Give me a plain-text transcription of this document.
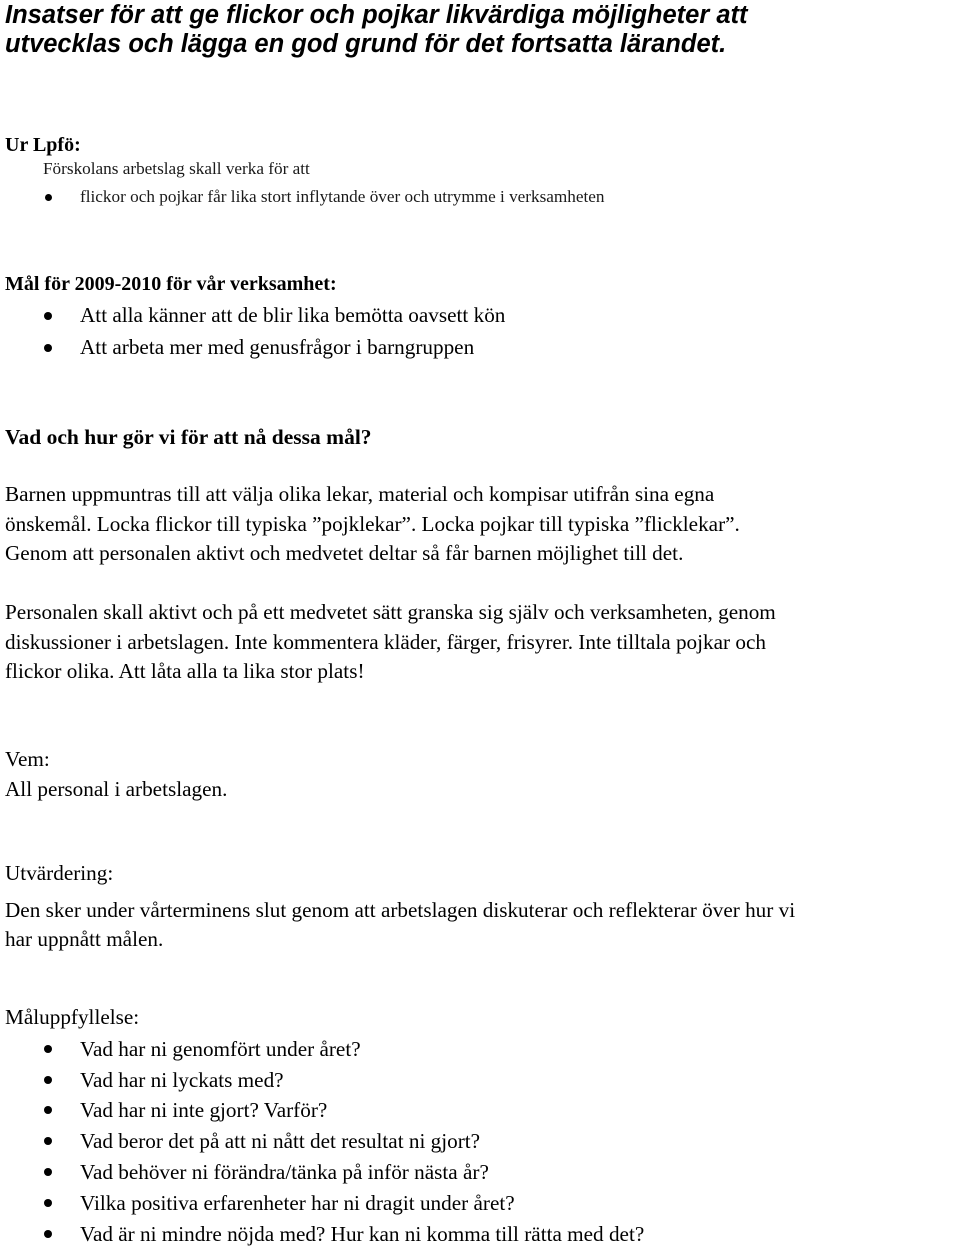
Insatser för att ge flickor och pojkar likvärdiga möjligheter att
utvecklas och lägga en god grund för det fortsatta lärandet.
Ur Lpfö:
Förskolans arbetslag skall verka för att
flickor och pojkar får lika stort inflytande över och utrymme i verksamheten
Mål för 2009-2010 för vår verksamhet:
Att alla känner att de blir lika bemötta oavsett kön
Att arbeta mer med genusfrågor i barngruppen
Vad och hur gör vi för att nå dessa mål?
Barnen uppmuntras till att välja olika lekar, material och kompisar utifrån sina egna
önskemål. Locka flickor till typiska ”pojklekar”. Locka pojkar till typiska ”flicklekar”.
Genom att personalen aktivt och medvetet deltar så får barnen möjlighet till det.
Personalen skall aktivt och på ett medvetet sätt granska sig själv och verksamheten, genom
diskussioner i arbetslagen. Inte kommentera kläder, färger, frisyrer. Inte tilltala pojkar och
flickor olika. Att låta alla ta lika stor plats!
Vem:
All personal i arbetslagen.
Utvärdering:
Den sker under vårterminens slut genom att arbetslagen diskuterar och reflekterar över hur vi
har uppnått målen.
Måluppfyllelse:
Vad har ni genomfört under året?
Vad har ni lyckats med?
Vad har ni inte gjort? Varför?
Vad beror det på att ni nått det resultat ni gjort?
Vad behöver ni förändra/tänka på inför nästa år?
Vilka positiva erfarenheter har ni dragit under året?
Vad är ni mindre nöjda med? Hur kan ni komma till rätta med det?
